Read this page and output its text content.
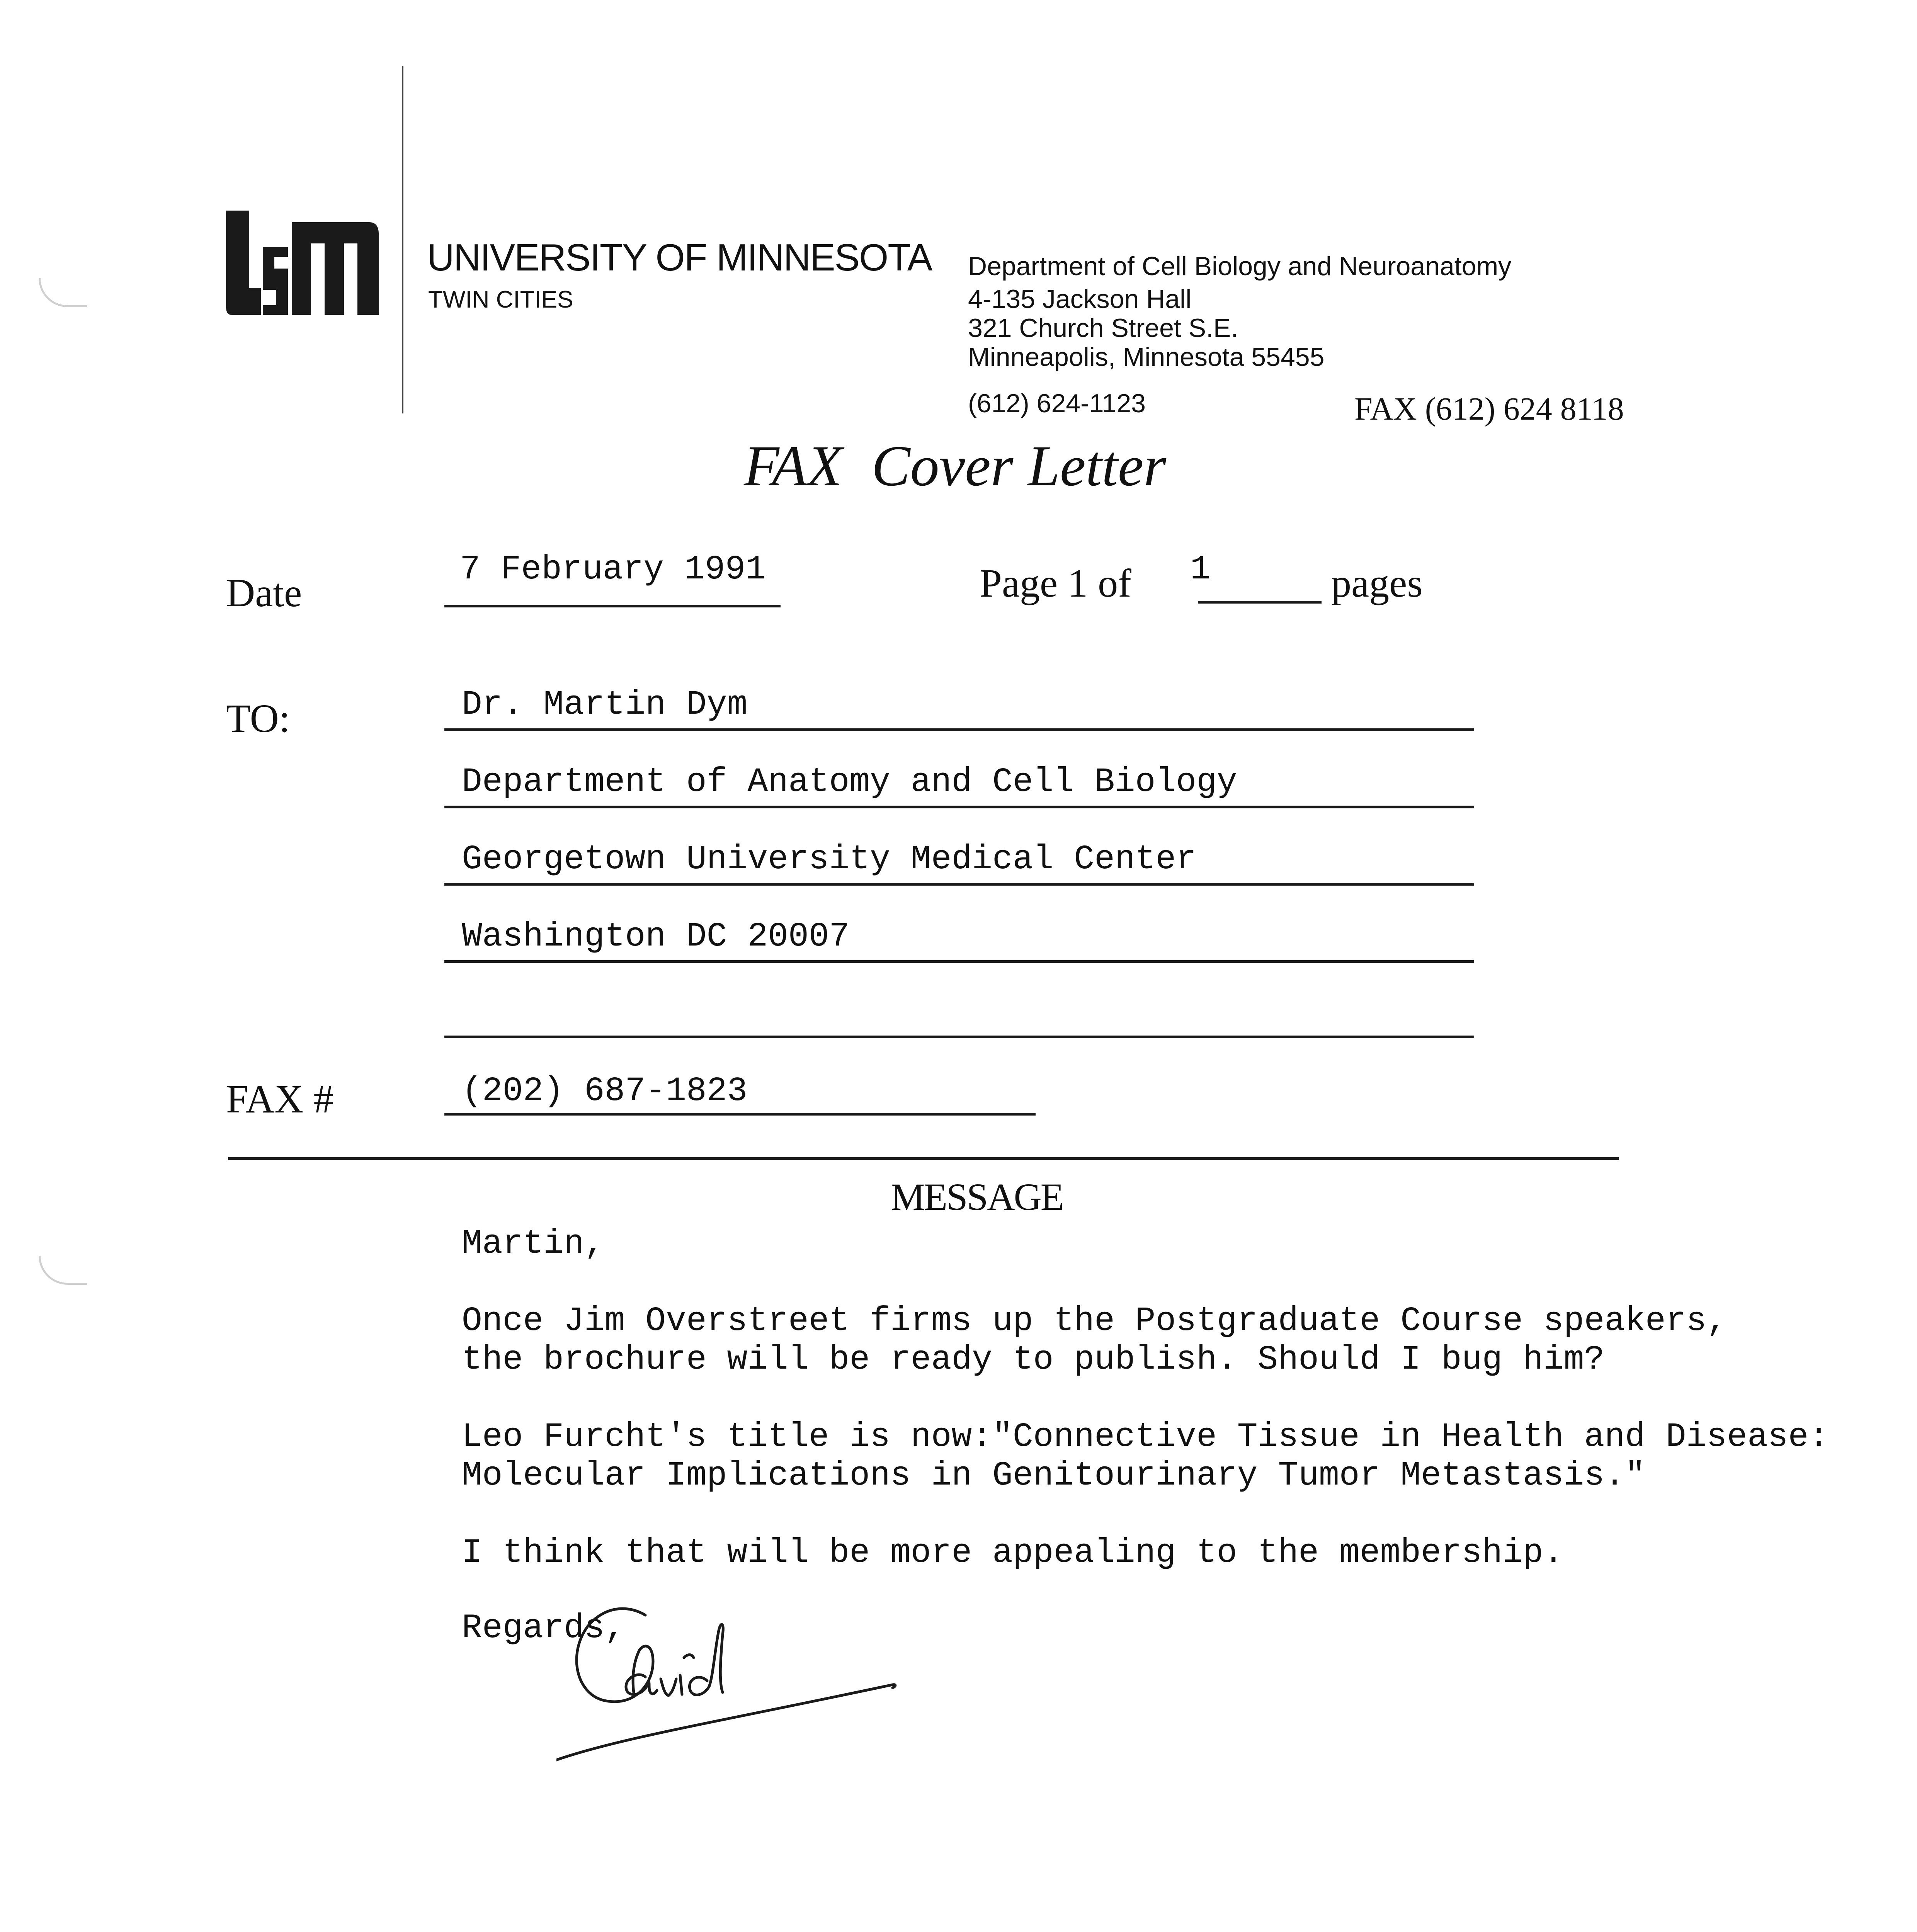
UNIVERSITY OF MINNESOTA
TWIN CITIES
Department of Cell Biology and Neuroanatomy
4-135 Jackson Hall
321 Church Street S.E.
Minneapolis, Minnesota 55455
(612) 624-1123	FAX (612) 624 8118
FAX Cover Letter
Date
7 February 1991	Page 1 of 1	pages
TO:	Dr. Martin Dym
Department of Anatomy and Cell Biology
Georgetown University Medical Center
Washington DC 20007
FAX #	(202) 687-1823
MESSAGE
Martin,
Once Jim Overstreet firms up the Postgraduate Course speakers,
the brochure will be ready to publish. Should I bug him?
Leo Furcht's title is now:"Connective Tissue in Health and Disease:
Molecular Implications in Genitourinary Tumor Metastasis."
I think that will be more appealing to the membership.
Regards,
